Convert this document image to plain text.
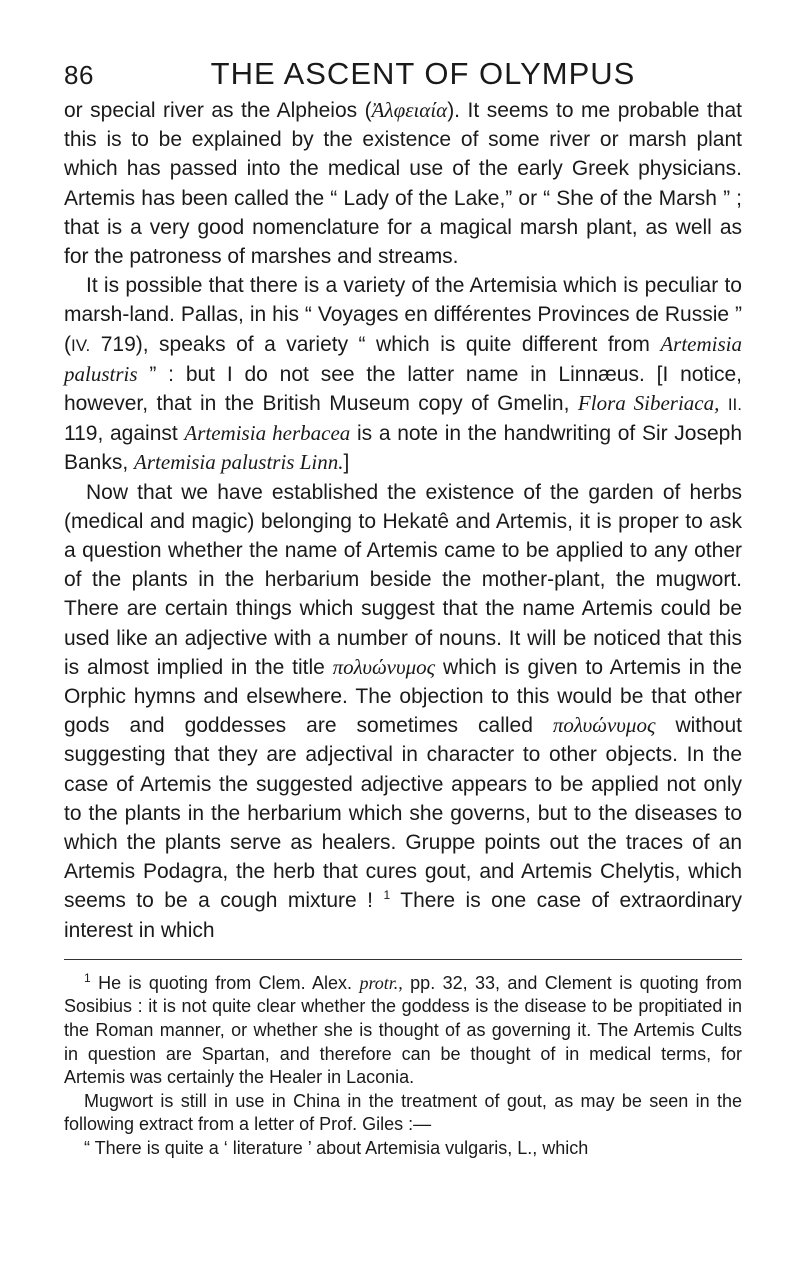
86	THE ASCENT OF OLYMPUS

or special river as the Alpheios (Ἀλφειαία). It seems to me probable that this is to be explained by the existence of some river or marsh plant which has passed into the medical use of the early Greek physicians. Artemis has been called the “ Lady of the Lake,” or “ She of the Marsh ” ; that is a very good nomenclature for a magical marsh plant, as well as for the patroness of marshes and streams.

It is possible that there is a variety of the Artemisia which is peculiar to marsh-land. Pallas, in his “ Voyages en différentes Provinces de Russie ” (IV. 719), speaks of a variety “ which is quite different from Artemisia palustris ” : but I do not see the latter name in Linnæus. [I notice, however, that in the British Museum copy of Gmelin, Flora Siberiaca, II. 119, against Artemisia herbacea is a note in the handwriting of Sir Joseph Banks, Artemisia palustris Linn.]

Now that we have established the existence of the garden of herbs (medical and magic) belonging to Hekatê and Artemis, it is proper to ask a question whether the name of Artemis came to be applied to any other of the plants in the herbarium beside the mother-plant, the mugwort. There are certain things which suggest that the name Artemis could be used like an adjective with a number of nouns. It will be noticed that this is almost implied in the title πολυώνυμος which is given to Artemis in the Orphic hymns and elsewhere. The objection to this would be that other gods and goddesses are sometimes called πολυώνυμος without suggesting that they are adjectival in character to other objects. In the case of Artemis the suggested adjective appears to be applied not only to the plants in the herbarium which she governs, but to the diseases to which the plants serve as healers. Gruppe points out the traces of an Artemis Podagra, the herb that cures gout, and Artemis Chelytis, which seems to be a cough mixture ! $^1$ There is one case of extraordinary interest in which

$^1$ He is quoting from Clem. Alex. protr., pp. 32, 33, and Clement is quoting from Sosibius : it is not quite clear whether the goddess is the disease to be propitiated in the Roman manner, or whether she is thought of as governing it. The Artemis Cults in question are Spartan, and therefore can be thought of in medical terms, for Artemis was certainly the Healer in Laconia.

Mugwort is still in use in China in the treatment of gout, as may be seen in the following extract from a letter of Prof. Giles :—

“ There is quite a ‘ literature ’ about Artemisia vulgaris, L., which
